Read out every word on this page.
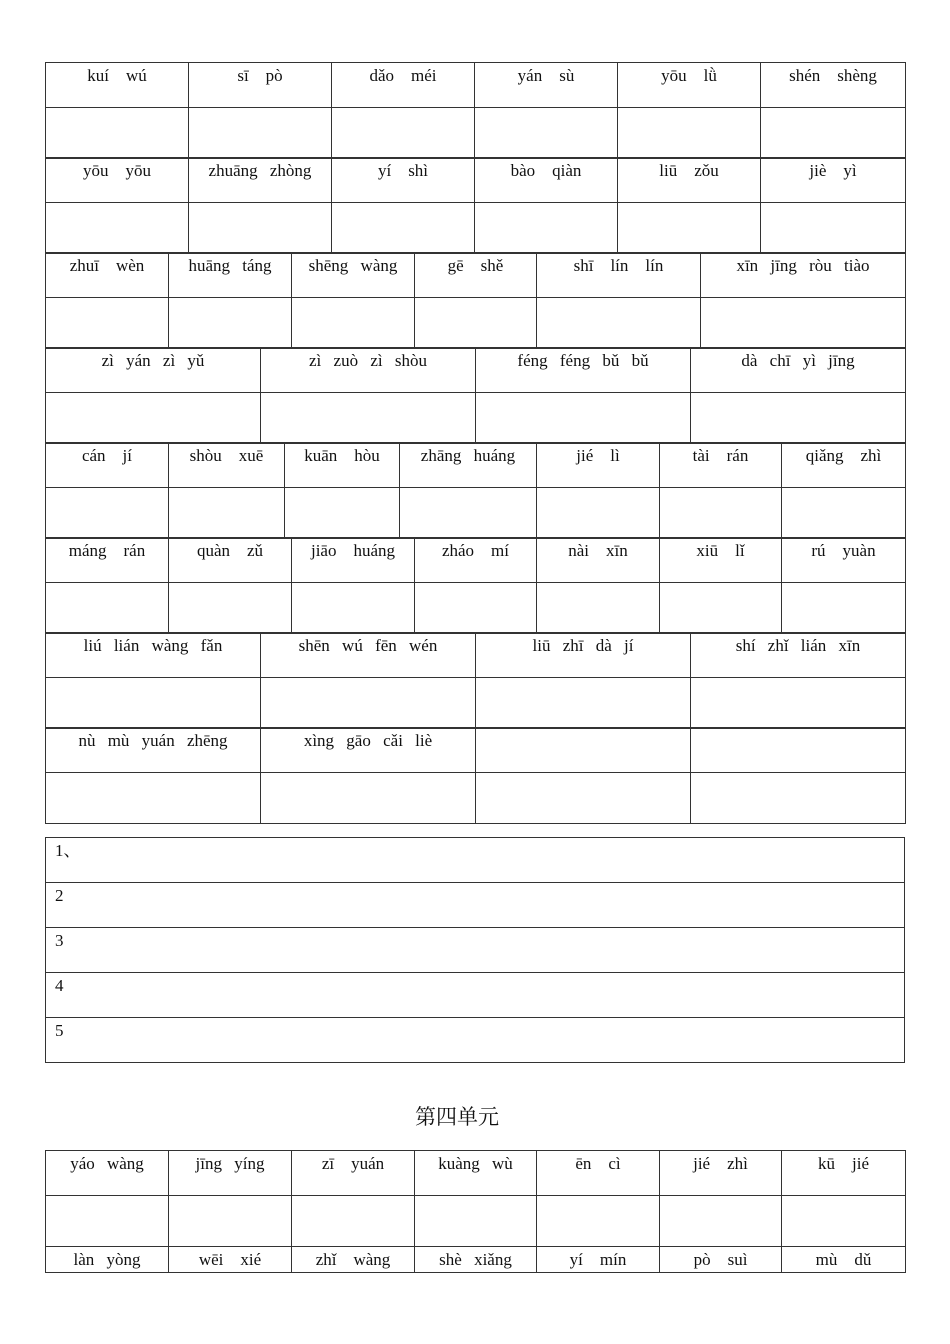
kuí　wú	sī　pò	dǎo　méi	yán　sù	yōu　lǜ	shén　shèng

yōu　yōu	zhuāng zhòng	yí　shì	bào　qiàn	liū　zǒu	jiè　yì

zhuī　wèn	huāng táng	shēng wàng	gē　shě	shī　lín　lín	xīn jīng ròu tiào

zì yán zì yǔ	zì zuò zì shòu	féng féng bǔ bǔ	dà chī yì jīng

cán　jí	shòu　xuē	kuān　hòu	zhāng huáng	jié　lì	tài　rán	qiǎng　zhì

máng　rán	quàn　zǔ	jiāo　huáng	zháo　mí	nài　xīn	xiū　lǐ	rú　yuàn

liú lián wàng fǎn	shēn wú fēn wén	liū zhī dà jí	shí zhǐ lián xīn

nù mù yuán zhēng	xìng gāo cǎi liè		

1、

2

3

4

5
第四单元
yáo wàng	jīng yíng	zī　yuán	kuàng wù	ēn　cì	jié　zhì	kū　jié

làn yòng	wēi　xié	zhǐ　wàng	shè xiǎng	yí　mín	pò　suì	mù　dǔ
